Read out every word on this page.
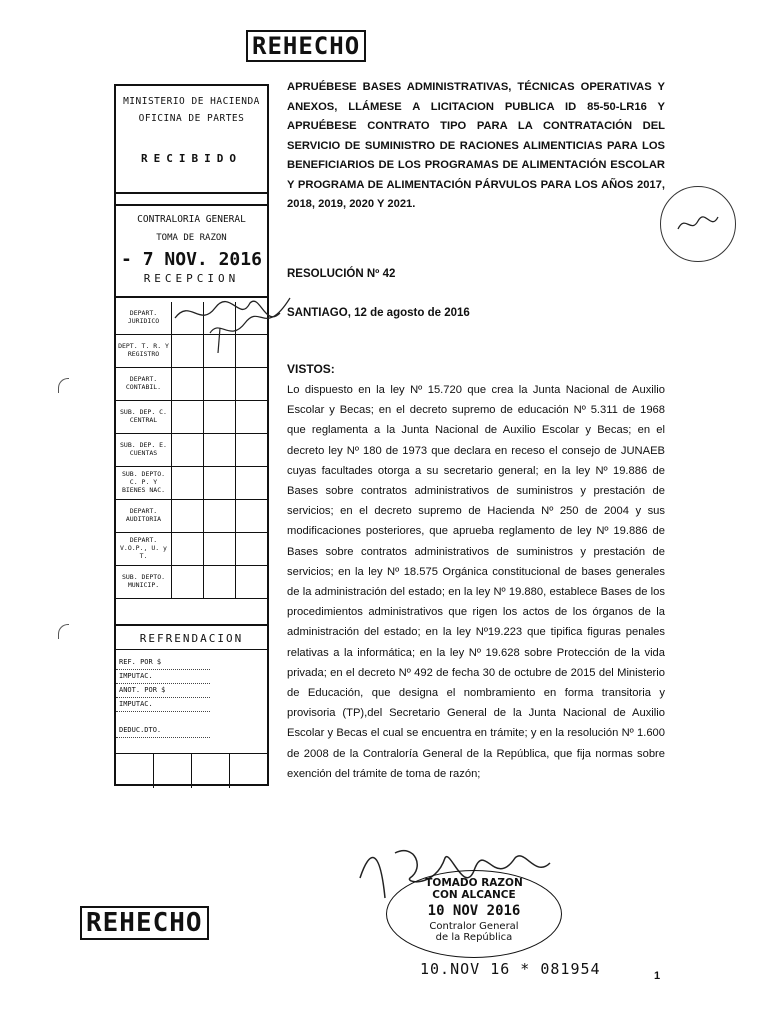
REHECHO
REHECHO
MINISTERIO DE HACIENDA
OFICINA DE PARTES
RECIBIDO
CONTRALORIA GENERAL
TOMA DE RAZON
- 7 NOV. 2016
RECEPCION
DEPART. JURIDICO
DEPT. T. R. Y REGISTRO
DEPART. CONTABIL.
SUB. DEP. C. CENTRAL
SUB. DEP. E. CUENTAS
SUB. DEPTO. C. P. Y BIENES NAC.
DEPART. AUDITORIA
DEPART. V.O.P., U. y T.
SUB. DEPTO. MUNICIP.
REFRENDACION
REF. POR $
IMPUTAC.
ANOT. POR $
IMPUTAC.
DEDUC.DTO.
APRUÉBESE BASES ADMINISTRATIVAS, TÉCNICAS OPERATIVAS Y ANEXOS, LLÁMESE A LICITACION PUBLICA ID 85-50-LR16 Y APRUÉBESE CONTRATO TIPO PARA LA CONTRATACIÓN DEL SERVICIO DE SUMINISTRO DE RACIONES ALIMENTICIAS PARA LOS BENEFICIARIOS DE LOS PROGRAMAS DE ALIMENTACIÓN ESCOLAR Y PROGRAMA DE ALIMENTACIÓN PÁRVULOS PARA LOS AÑOS 2017, 2018, 2019, 2020 Y 2021.
RESOLUCIÓN Nº 42
SANTIAGO, 12 de agosto de 2016
VISTOS:
Lo dispuesto en la ley Nº 15.720 que crea la Junta Nacional de Auxilio Escolar y Becas; en el decreto supremo de educación Nº 5.311 de 1968 que reglamenta a la Junta Nacional de Auxilio Escolar y Becas; en el decreto ley Nº 180 de 1973 que declara en receso el consejo de JUNAEB cuyas facultades otorga a su secretario general; en la ley Nº 19.886 de Bases sobre contratos administrativos de suministros y prestación de servicios; en el decreto supremo de Hacienda Nº 250 de 2004 y sus modificaciones posteriores, que aprueba reglamento de ley Nº 19.886 de Bases sobre contratos administrativos de suministros y prestación de servicios; en la ley Nº 18.575 Orgánica constitucional de bases generales de la administración del estado; en la ley Nº 19.880, establece Bases de los procedimientos administrativos que rigen los actos de los órganos de la administración del estado; en la ley Nº19.223 que tipifica figuras penales relativas a la informática; en la ley Nº 19.628 sobre Protección de la vida privada; en el decreto Nº 492 de fecha 30 de octubre de 2015 del Ministerio de Educación, que designa el nombramiento en forma transitoria y provisoria (TP),del Secretario General de la Junta Nacional de Auxilio Escolar y Becas el cual se encuentra en trámite; y en la resolución Nº 1.600 de 2008 de la Contraloría General de la República, que fija normas sobre exención del trámite de toma de razón;
TOMADO RAZON
CON ALCANCE
10 NOV 2016
Contralor General
de la República
10.NOV 16 * 081954	1
